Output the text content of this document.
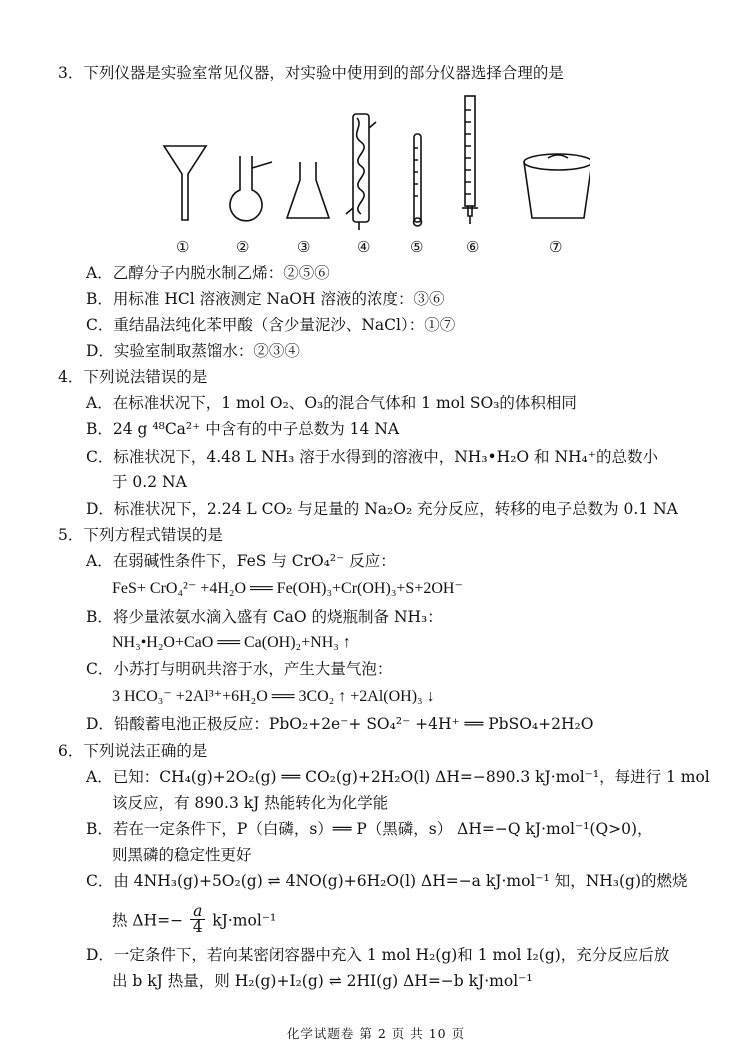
3．下列仪器是实验室常见仪器，对实验中使用到的部分仪器选择合理的是
①	②	③	④	⑤	⑥	⑦
A．乙醇分子内脱水制乙烯：②⑤⑥
B．用标准 HCl 溶液测定 NaOH 溶液的浓度：③⑥
C．重结晶法纯化苯甲酸（含少量泥沙、NaCl）：①⑦
D．实验室制取蒸馏水：②③④
4．下列说法错误的是
A．在标准状况下，1 mol O₂、O₃的混合气体和 1 mol SO₃的体积相同
B．24 g ⁴⁸Ca²⁺ 中含有的中子总数为 14 NA
C．标准状况下，4.48 L NH₃ 溶于水得到的溶液中，NH₃•H₂O 和 NH₄⁺的总数小
于 0.2 NA
D．标准状况下，2.24 L CO₂ 与足量的 Na₂O₂ 充分反应，转移的电子总数为 0.1 NA
5．下列方程式错误的是
A．在弱碱性条件下，FeS 与 CrO₄²⁻ 反应：
FeS+ CrO₄²⁻ +4H₂O ══ Fe(OH)₃+Cr(OH)₃+S+2OH⁻
B．将少量浓氨水滴入盛有 CaO 的烧瓶制备 NH₃：
NH₃•H₂O+CaO ══ Ca(OH)₂+NH₃ ↑
C．小苏打与明矾共溶于水，产生大量气泡：
3 HCO₃⁻ +2Al³⁺+6H₂O ══ 3CO₂ ↑ +2Al(OH)₃ ↓
D．铅酸蓄电池正极反应：PbO₂+2e⁻+ SO₄²⁻ +4H⁺ ══ PbSO₄+2H₂O
6．下列说法正确的是
A．已知：CH₄(g)+2O₂(g) ══ CO₂(g)+2H₂O(l) ΔH=−890.3 kJ·mol⁻¹，每进行 1 mol
该反应，有 890.3 kJ 热能转化为化学能
B．若在一定条件下，P（白磷，s）══ P（黑磷，s） ΔH=−Q kJ·mol⁻¹(Q>0)，
则黑磷的稳定性更好
C．由 4NH₃(g)+5O₂(g) ⇌ 4NO(g)+6H₂O(l) ΔH=−a kJ·mol⁻¹ 知，NH₃(g)的燃烧
热 $\Delta H=- \frac{a}{4} kJ\cdot mol^{-1}$
D．一定条件下，若向某密闭容器中充入 1 mol H₂(g)和 1 mol I₂(g)，充分反应后放
出 b kJ 热量，则 H₂(g)+I₂(g) ⇌ 2HI(g) ΔH=−b kJ·mol⁻¹
化学试题卷 第 2 页 共 10 页
